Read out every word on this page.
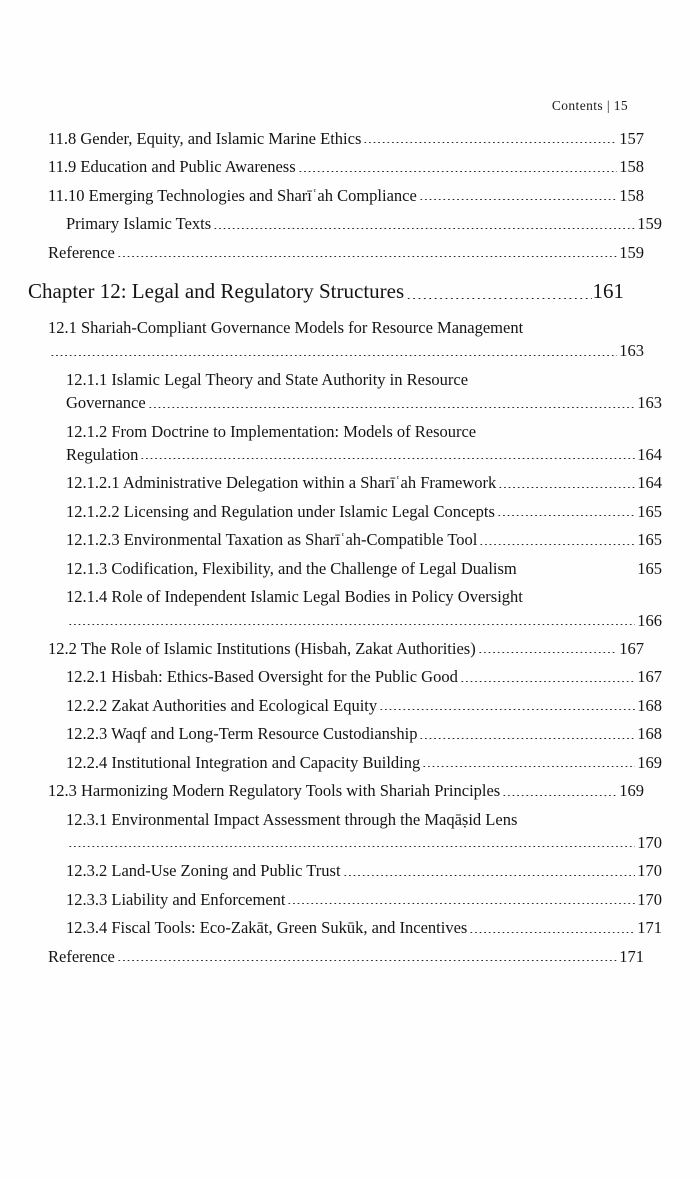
Contents | 15
11.8 Gender, Equity, and Islamic Marine Ethics	157
11.9 Education and Public Awareness	158
11.10 Emerging Technologies and Sharīʿah Compliance	158
Primary Islamic Texts	159
Reference	159
Chapter 12: Legal and Regulatory Structures	161
12.1 Shariah-Compliant Governance Models for Resource Management
163
12.1.1 Islamic Legal Theory and State Authority in Resource
Governance	163
12.1.2 From Doctrine to Implementation: Models of Resource
Regulation	164
12.1.2.1 Administrative Delegation within a Sharīʿah Framework	164
12.1.2.2 Licensing and Regulation under Islamic Legal Concepts	165
12.1.2.3 Environmental Taxation as Sharīʿah-Compatible Tool	165
12.1.3 Codification, Flexibility, and the Challenge of Legal Dualism	165
12.1.4 Role of Independent Islamic Legal Bodies in Policy Oversight
166
12.2 The Role of Islamic Institutions (Hisbah, Zakat Authorities)	167
12.2.1 Hisbah: Ethics-Based Oversight for the Public Good	167
12.2.2 Zakat Authorities and Ecological Equity	168
12.2.3 Waqf and Long-Term Resource Custodianship	168
12.2.4 Institutional Integration and Capacity Building	169
12.3 Harmonizing Modern Regulatory Tools with Shariah Principles	169
12.3.1 Environmental Impact Assessment through the Maqāṣid Lens
170
12.3.2 Land-Use Zoning and Public Trust	170
12.3.3 Liability and Enforcement	170
12.3.4 Fiscal Tools: Eco-Zakāt, Green Sukūk, and Incentives	171
Reference	171
